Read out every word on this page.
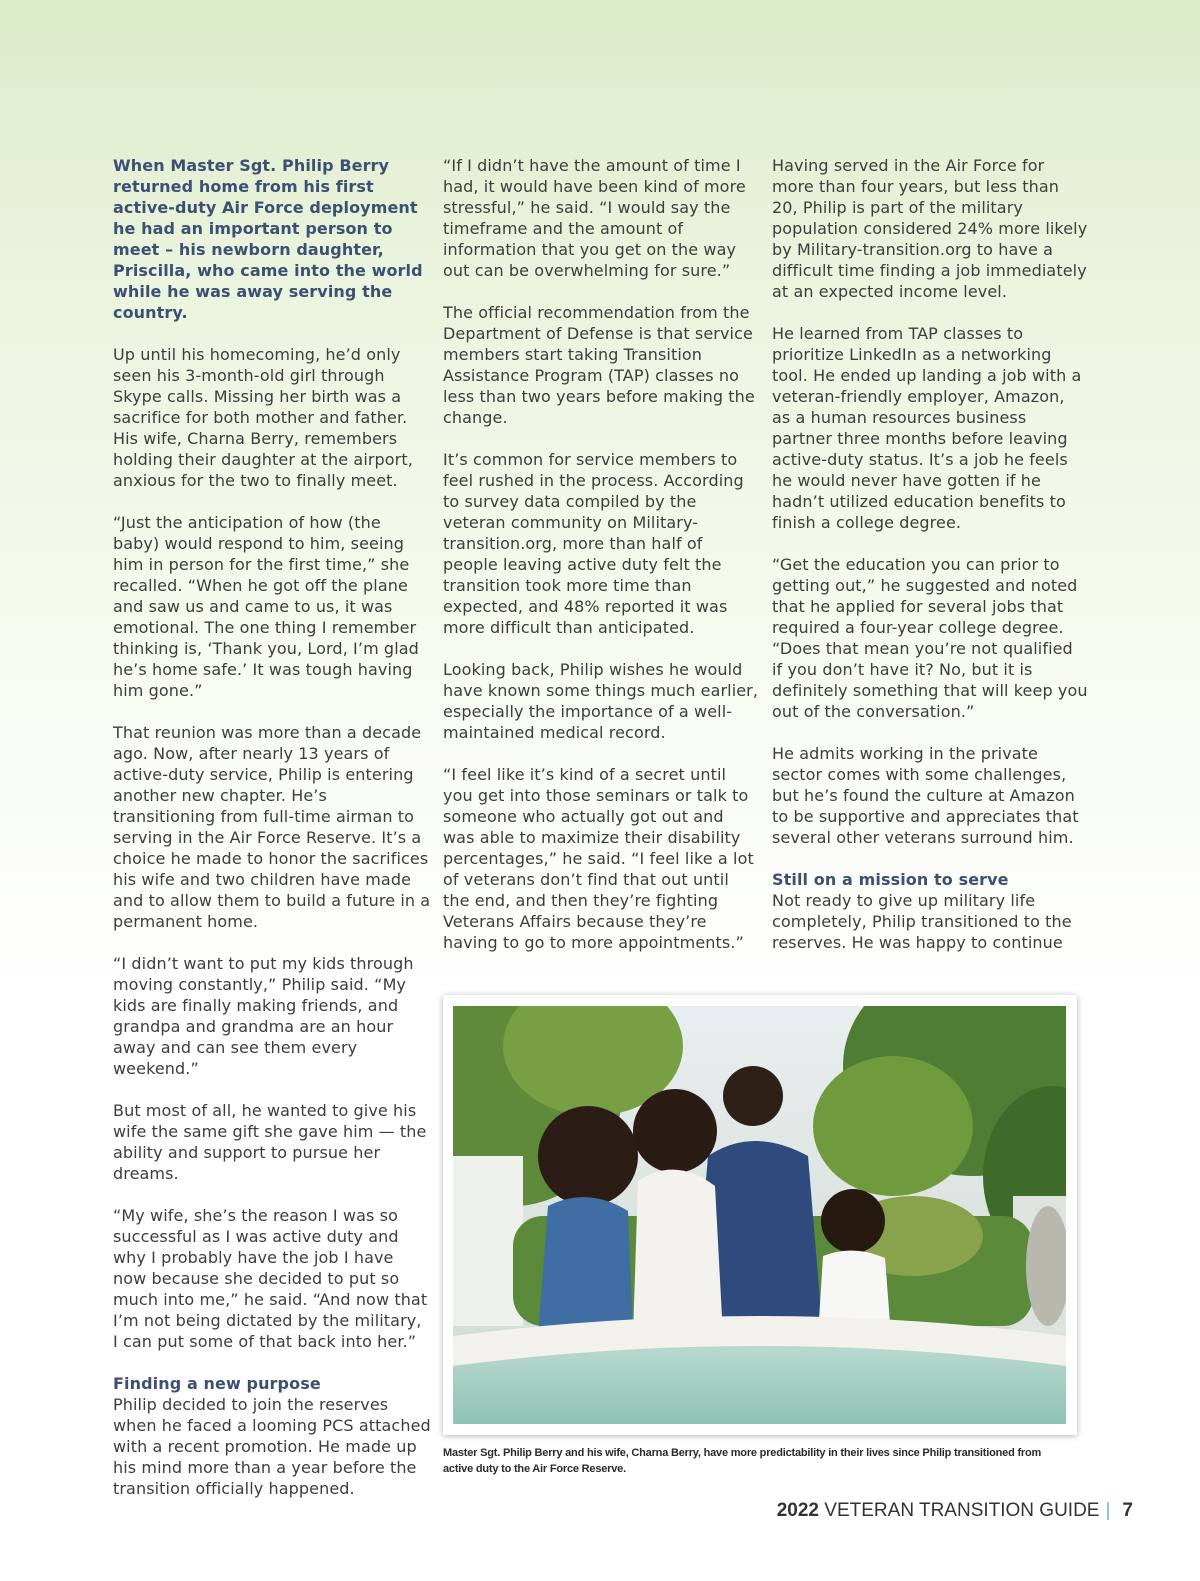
When Master Sgt. Philip Berry returned home from his first active-duty Air Force deployment he had an important person to meet – his newborn daughter, Priscilla, who came into the world while he was away serving the country.

Up until his homecoming, he’d only seen his 3-month-old girl through Skype calls. Missing her birth was a sacrifice for both mother and father. His wife, Charna Berry, remembers holding their daughter at the airport, anxious for the two to finally meet.

“Just the anticipation of how (the baby) would respond to him, seeing him in person for the first time,” she recalled. “When he got off the plane and saw us and came to us, it was emotional. The one thing I remember thinking is, ‘Thank you, Lord, I’m glad he’s home safe.’ It was tough having him gone.”

That reunion was more than a decade ago. Now, after nearly 13 years of active-duty service, Philip is entering another new chapter. He’s transitioning from full-time airman to serving in the Air Force Reserve. It’s a choice he made to honor the sacrifices his wife and two children have made and to allow them to build a future in a permanent home.

“I didn’t want to put my kids through moving constantly,” Philip said. “My kids are finally making friends, and grandpa and grandma are an hour away and can see them every weekend.”

But most of all, he wanted to give his wife the same gift she gave him — the ability and support to pursue her dreams.

“My wife, she’s the reason I was so successful as I was active duty and why I probably have the job I have now because she decided to put so much into me,” he said. “And now that I’m not being dictated by the military, I can put some of that back into her.”

Finding a new purpose

Philip decided to join the reserves when he faced a looming PCS attached with a recent promotion. He made up his mind more than a year before the transition officially happened.

“If I didn’t have the amount of time I had, it would have been kind of more stressful,” he said. “I would say the timeframe and the amount of information that you get on the way out can be overwhelming for sure.”

The official recommendation from the Department of Defense is that service members start taking Transition Assistance Program (TAP) classes no less than two years before making the change.

It’s common for service members to feel rushed in the process. According to survey data compiled by the veteran community on Military-transition.org, more than half of people leaving active duty felt the transition took more time than expected, and 48% reported it was more difficult than anticipated.

Looking back, Philip wishes he would have known some things much earlier, especially the importance of a well-maintained medical record.

“I feel like it’s kind of a secret until you get into those seminars or talk to someone who actually got out and was able to maximize their disability percentages,” he said. “I feel like a lot of veterans don’t find that out until the end, and then they’re fighting Veterans Affairs because they’re having to go to more appointments.”

Having served in the Air Force for more than four years, but less than 20, Philip is part of the military population considered 24% more likely by Military-transition.org to have a difficult time finding a job immediately at an expected income level.

He learned from TAP classes to prioritize LinkedIn as a networking tool. He ended up landing a job with a veteran-friendly employer, Amazon, as a human resources business partner three months before leaving active-duty status. It’s a job he feels he would never have gotten if he hadn’t utilized education benefits to finish a college degree.

“Get the education you can prior to getting out,” he suggested and noted that he applied for several jobs that required a four-year college degree. “Does that mean you’re not qualified if you don’t have it? No, but it is definitely something that will keep you out of the conversation.”

He admits working in the private sector comes with some challenges, but he’s found the culture at Amazon to be supportive and appreciates that several other veterans surround him.

Still on a mission to serve

Not ready to give up military life completely, Philip transitioned to the reserves. He was happy to continue

Master Sgt. Philip Berry and his wife, Charna Berry, have more predictability in their lives since Philip transitioned from active duty to the Air Force Reserve.
2022 VETERAN TRANSITION GUIDE | 7
